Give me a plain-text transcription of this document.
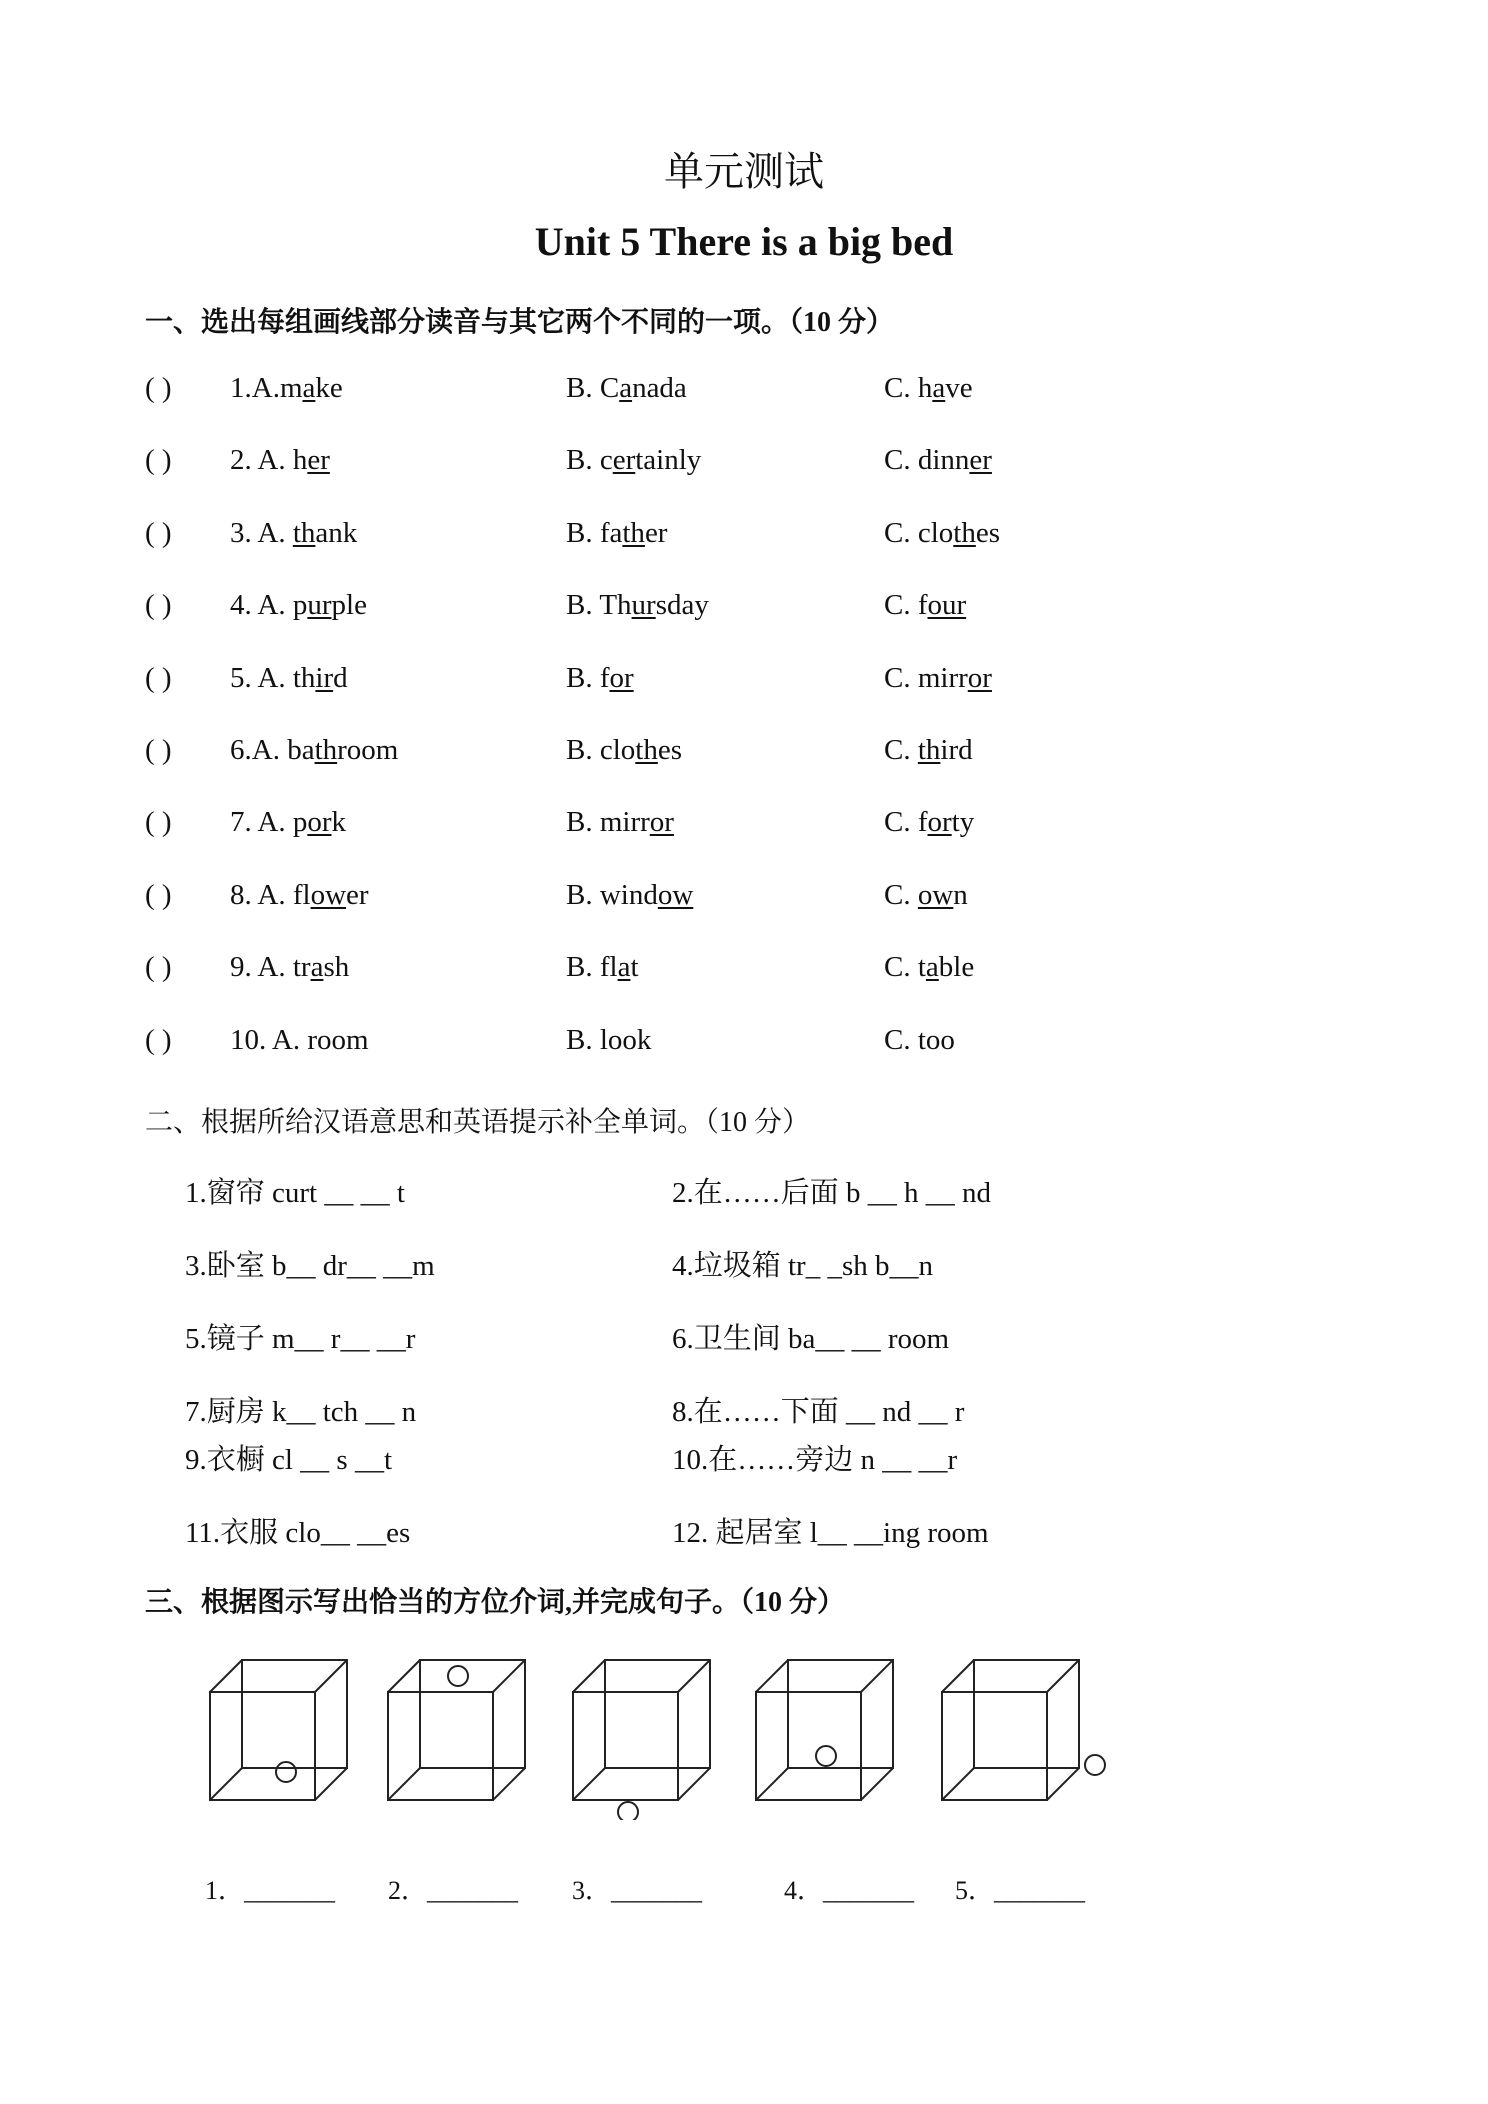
单元测试
Unit 5 There is a big bed
一、选出每组画线部分读音与其它两个不同的一项。（10 分）
( ) 1.A.make	B. Canada	C. have
( ) 2. A. her	B. certainly	C. dinner
( ) 3. A. thank	B. father	C. clothes
( ) 4. A. purple	B. Thursday	C. four
( ) 5. A. third	B. for	C. mirror
( ) 6.A. bathroom	B. clothes	C. third
( ) 7. A. pork	B. mirror	C. forty
( ) 8. A. flower	B. window	C. own
( ) 9. A. trash	B. flat	C. table
( ) 10. A. room	B. look	C. too
二、根据所给汉语意思和英语提示补全单词。（10 分）
1.窗帘 curt __ __ t	2.在……后面 b __ h __ nd
3.卧室 b__ dr__ __m	4.垃圾箱 tr_ _sh b__n
5.镜子 m__ r__ __r	6.卫生间 ba__ __ room
7.厨房 k__ tch __ n	8.在……下面 __ nd __ r
9.衣橱 cl __ s __t	10.在……旁边 n __ __r
11.衣服 clo__ __es	12. 起居室 l__ __ing room
三、根据图示写出恰当的方位介词,并完成句子。（10 分）
1．_______ 2．_______ 3．_______	4．_______ 5．_______
